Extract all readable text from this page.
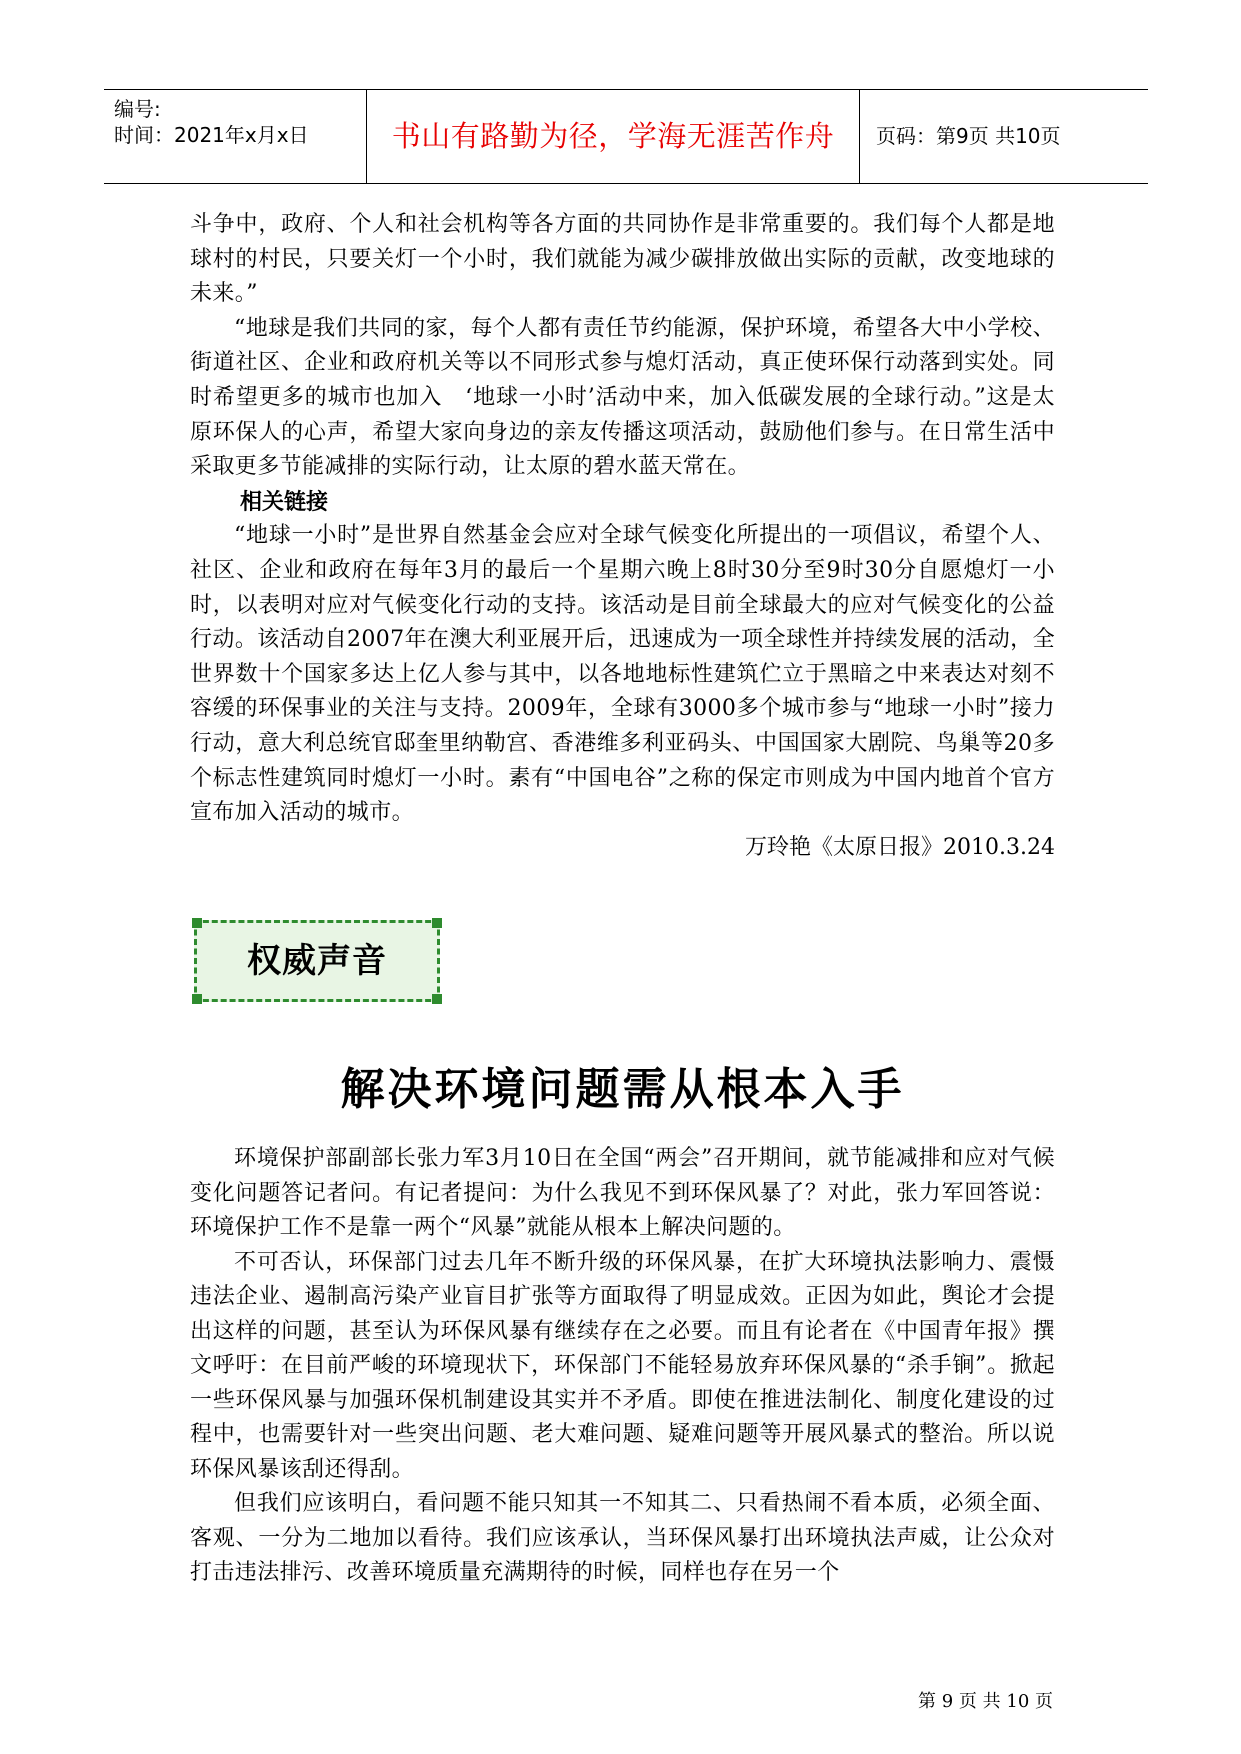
编号:
时间：2021年x月x日	书山有路勤为径，学海无涯苦作舟	页码：第9页 共10页

斗争中，政府、个人和社会机构等各方面的共同协作是非常重要的。我们每个人都是地球村的村民，只要关灯一个小时，我们就能为减少碳排放做出实际的贡献，改变地球的未来。”

“地球是我们共同的家，每个人都有责任节约能源，保护环境，希望各大中小学校、街道社区、企业和政府机关等以不同形式参与熄灯活动，真正使环保行动落到实处。同时希望更多的城市也加入　‘地球一小时’活动中来，加入低碳发展的全球行动。”这是太原环保人的心声，希望大家向身边的亲友传播这项活动，鼓励他们参与。在日常生活中采取更多节能减排的实际行动，让太原的碧水蓝天常在。

相关链接

“地球一小时”是世界自然基金会应对全球气候变化所提出的一项倡议，希望个人、社区、企业和政府在每年3月的最后一个星期六晚上8时30分至9时30分自愿熄灯一小时，以表明对应对气候变化行动的支持。该活动是目前全球最大的应对气候变化的公益行动。该活动自2007年在澳大利亚展开后，迅速成为一项全球性并持续发展的活动，全世界数十个国家多达上亿人参与其中，以各地地标性建筑伫立于黑暗之中来表达对刻不容缓的环保事业的关注与支持。2009年，全球有3000多个城市参与“地球一小时”接力行动，意大利总统官邸奎里纳勒宫、香港维多利亚码头、中国国家大剧院、鸟巢等20多个标志性建筑同时熄灯一小时。素有“中国电谷”之称的保定市则成为中国内地首个官方宣布加入活动的城市。

万玲艳《太原日报》2010.3.24

权威声音
解决环境问题需从根本入手

环境保护部副部长张力军3月10日在全国“两会”召开期间，就节能减排和应对气候变化问题答记者问。有记者提问：为什么我见不到环保风暴了？对此，张力军回答说：环境保护工作不是靠一两个“风暴”就能从根本上解决问题的。

不可否认，环保部门过去几年不断升级的环保风暴，在扩大环境执法影响力、震慑违法企业、遏制高污染产业盲目扩张等方面取得了明显成效。正因为如此，舆论才会提出这样的问题，甚至认为环保风暴有继续存在之必要。而且有论者在《中国青年报》撰文呼吁：在目前严峻的环境现状下，环保部门不能轻易放弃环保风暴的“杀手锏”。掀起一些环保风暴与加强环保机制建设其实并不矛盾。即使在推进法制化、制度化建设的过程中，也需要针对一些突出问题、老大难问题、疑难问题等开展风暴式的整治。所以说环保风暴该刮还得刮。

但我们应该明白，看问题不能只知其一不知其二、只看热闹不看本质，必须全面、客观、一分为二地加以看待。我们应该承认，当环保风暴打出环境执法声威，让公众对打击违法排污、改善环境质量充满期待的时候，同样也存在另一个

第 9 页 共 10 页
